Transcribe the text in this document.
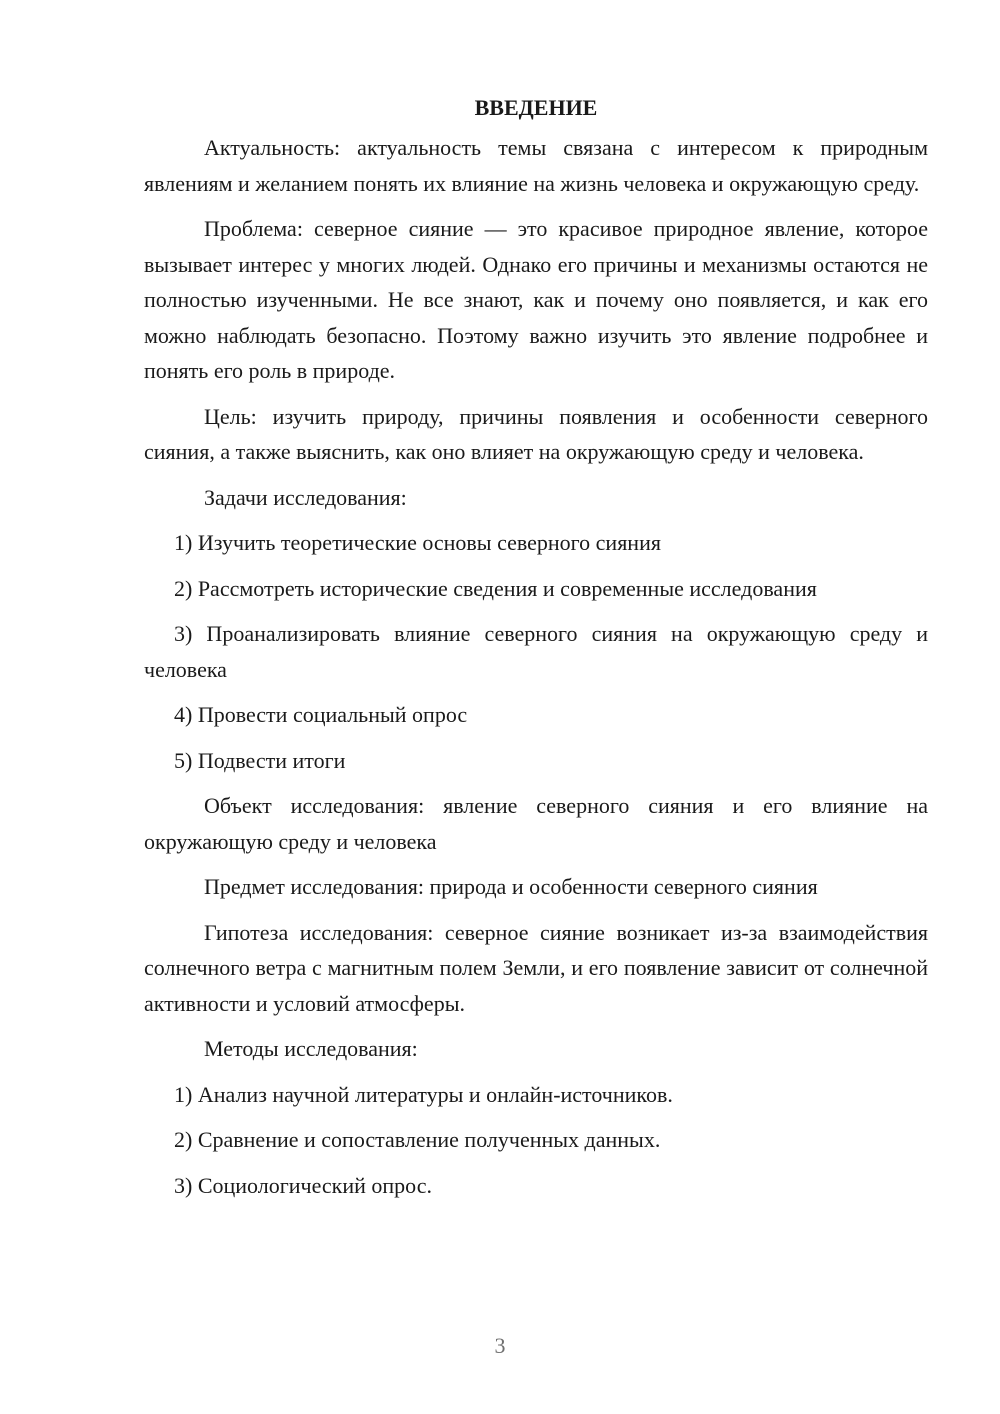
ВВЕДЕНИЕ

Актуальность: актуальность темы связана с интересом к природным явлениям и желанием понять их влияние на жизнь человека и окружающую среду.

Проблема: северное сияние — это красивое природное явление, которое вызывает интерес у многих людей. Однако его причины и механизмы остаются не полностью изученными. Не все знают, как и почему оно появляется, и как его можно наблюдать безопасно. Поэтому важно изучить это явление подробнее и понять его роль в природе.

Цель: изучить природу, причины появления и особенности северного сияния, а также выяснить, как оно влияет на окружающую среду и человека.

Задачи исследования:

1) Изучить теоретические основы северного сияния

2) Рассмотреть исторические сведения и современные исследования

3) Проанализировать влияние северного сияния на окружающую среду и человека

4) Провести социальный опрос

5) Подвести итоги

Объект исследования: явление северного сияния и его влияние на окружающую среду и человека

Предмет исследования: природа и особенности северного сияния

Гипотеза исследования: северное сияние возникает из-за взаимодействия солнечного ветра с магнитным полем Земли, и его появление зависит от солнечной активности и условий атмосферы.

Методы исследования:

1) Анализ научной литературы и онлайн-источников.

2) Сравнение и сопоставление полученных данных.

3) Социологический опрос.

3
